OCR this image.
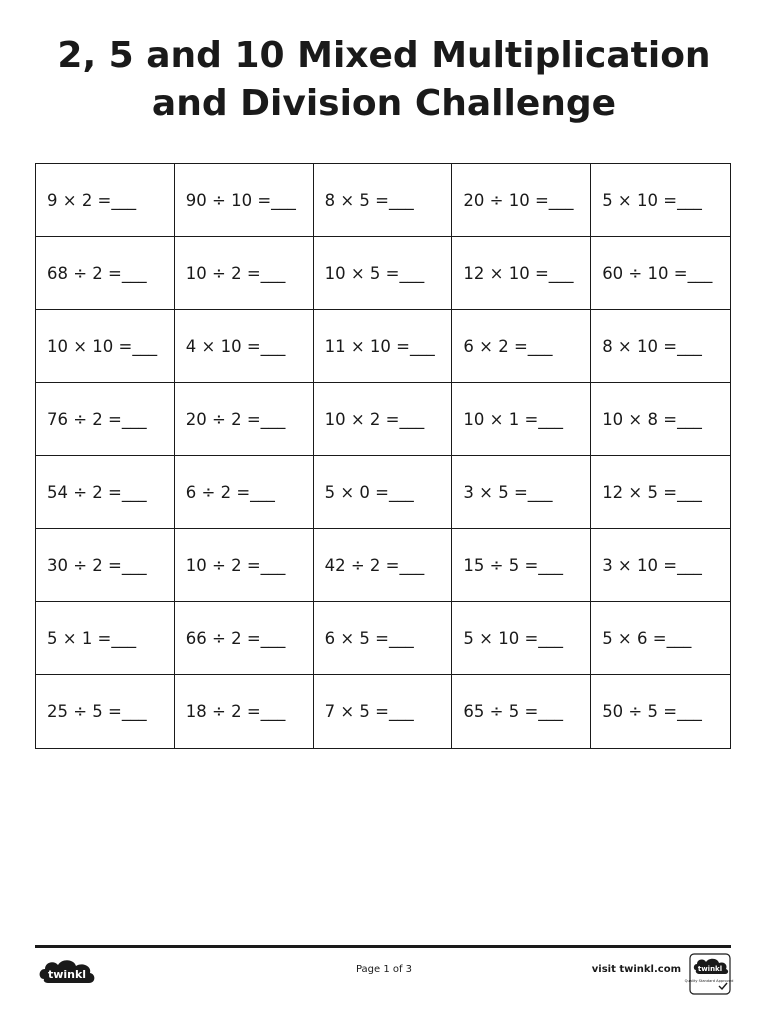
2, 5 and 10 Mixed Multiplication
and Division Challenge
9 × 2 =___	90 ÷ 10 =___	8 × 5 =___	20 ÷ 10 =___	5 × 10 =___
68 ÷ 2 =___	10 ÷ 2 =___	10 × 5 =___	12 × 10 =___	60 ÷ 10 =___
10 × 10 =___	4 × 10 =___	11 × 10 =___	6 × 2 =___	8 × 10 =___
76 ÷ 2 =___	20 ÷ 2 =___	10 × 2 =___	10 × 1 =___	10 × 8 =___
54 ÷ 2 =___	6 ÷ 2 =___	5 × 0 =___	3 × 5 =___	12 × 5 =___
30 ÷ 2 =___	10 ÷ 2 =___	42 ÷ 2 =___	15 ÷ 5 =___	3 × 10 =___
5 × 1 =___	66 ÷ 2 =___	6 × 5 =___	5 × 10 =___	5 × 6 =___
25 ÷ 5 =___	18 ÷ 2 =___	7 × 5 =___	65 ÷ 5 =___	50 ÷ 5 =___
twinkl	Page 1 of 3	visit twinkl.com twinkl
Quality Standard Approved
